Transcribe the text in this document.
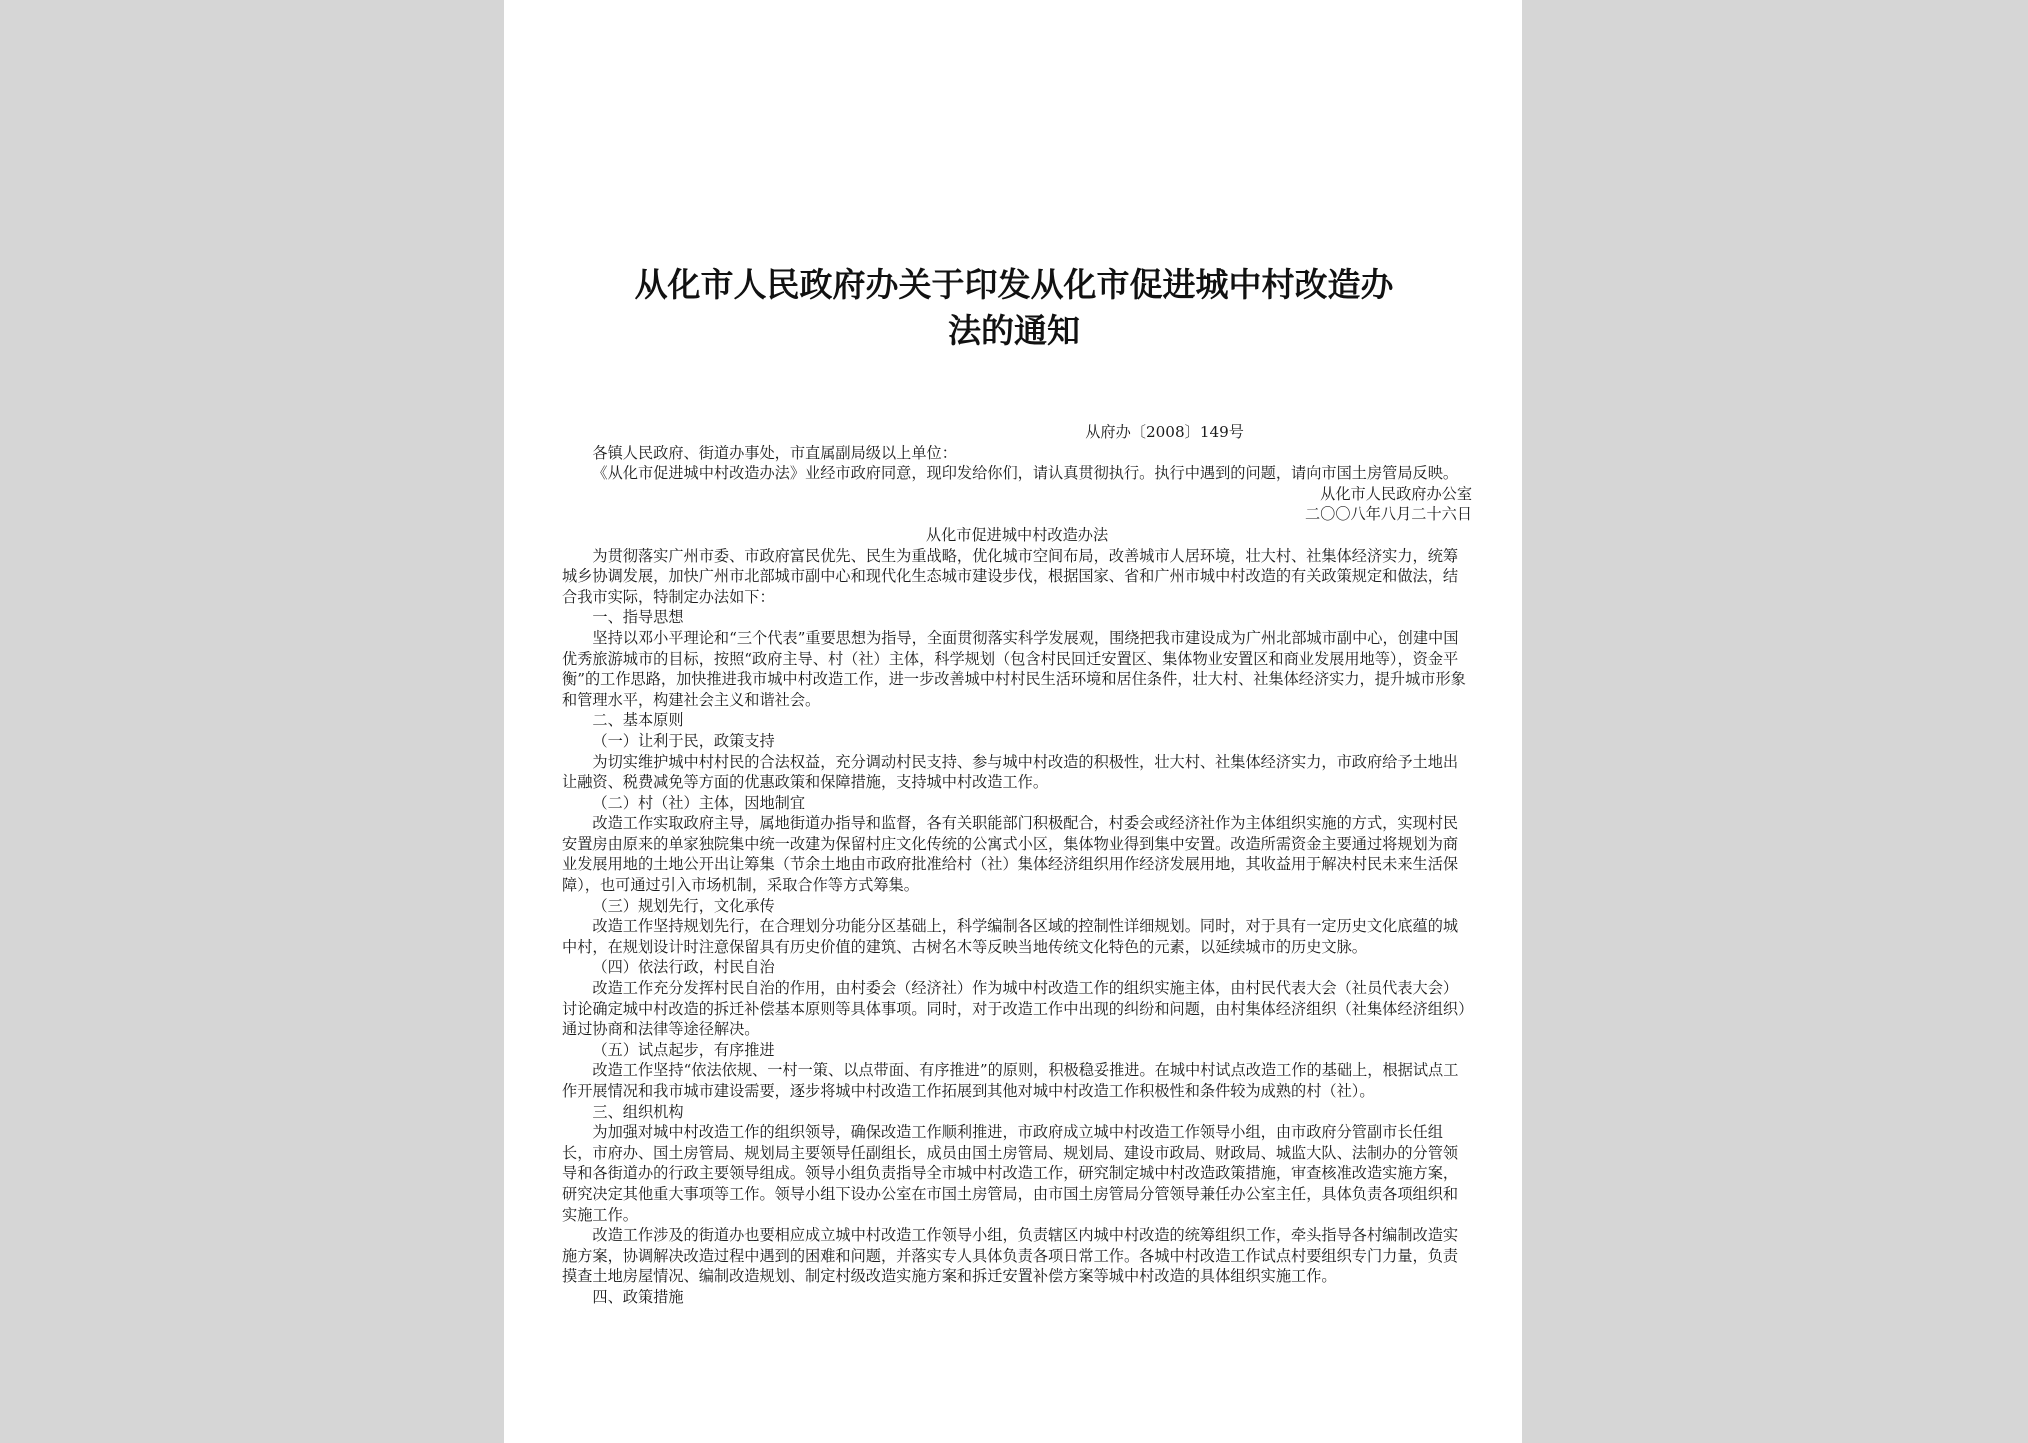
从化市人民政府办关于印发从化市促进城中村改造办
法的通知

从府办〔2008〕149号

各镇人民政府、街道办事处，市直属副局级以上单位：

《从化市促进城中村改造办法》业经市政府同意，现印发给你们，请认真贯彻执行。执行中遇到的问题，请向市国土房管局反映。

从化市人民政府办公室

二〇〇八年八月二十六日

从化市促进城中村改造办法

为贯彻落实广州市委、市政府富民优先、民生为重战略，优化城市空间布局，改善城市人居环境，壮大村、社集体经济实力，统筹城乡协调发展，加快广州市北部城市副中心和现代化生态城市建设步伐，根据国家、省和广州市城中村改造的有关政策规定和做法，结合我市实际，特制定办法如下：

一、指导思想

坚持以邓小平理论和“三个代表”重要思想为指导，全面贯彻落实科学发展观，围绕把我市建设成为广州北部城市副中心，创建中国优秀旅游城市的目标，按照“政府主导、村（社）主体，科学规划（包含村民回迁安置区、集体物业安置区和商业发展用地等），资金平衡”的工作思路，加快推进我市城中村改造工作，进一步改善城中村村民生活环境和居住条件，壮大村、社集体经济实力，提升城市形象和管理水平，构建社会主义和谐社会。

二、基本原则

（一）让利于民，政策支持

为切实维护城中村村民的合法权益，充分调动村民支持、参与城中村改造的积极性，壮大村、社集体经济实力，市政府给予土地出让融资、税费减免等方面的优惠政策和保障措施，支持城中村改造工作。

（二）村（社）主体，因地制宜

改造工作实取政府主导，属地街道办指导和监督，各有关职能部门积极配合，村委会或经济社作为主体组织实施的方式，实现村民安置房由原来的单家独院集中统一改建为保留村庄文化传统的公寓式小区，集体物业得到集中安置。改造所需资金主要通过将规划为商业发展用地的土地公开出让筹集（节余土地由市政府批准给村（社）集体经济组织用作经济发展用地，其收益用于解决村民未来生活保障），也可通过引入市场机制，采取合作等方式筹集。

（三）规划先行，文化承传

改造工作坚持规划先行，在合理划分功能分区基础上，科学编制各区域的控制性详细规划。同时，对于具有一定历史文化底蕴的城中村，在规划设计时注意保留具有历史价值的建筑、古树名木等反映当地传统文化特色的元素，以延续城市的历史文脉。

（四）依法行政，村民自治

改造工作充分发挥村民自治的作用，由村委会（经济社）作为城中村改造工作的组织实施主体，由村民代表大会（社员代表大会）讨论确定城中村改造的拆迁补偿基本原则等具体事项。同时，对于改造工作中出现的纠纷和问题，由村集体经济组织（社集体经济组织）通过协商和法律等途径解决。

（五）试点起步，有序推进

改造工作坚持“依法依规、一村一策、以点带面、有序推进”的原则，积极稳妥推进。在城中村试点改造工作的基础上，根据试点工作开展情况和我市城市建设需要，逐步将城中村改造工作拓展到其他对城中村改造工作积极性和条件较为成熟的村（社）。

三、组织机构

为加强对城中村改造工作的组织领导，确保改造工作顺利推进，市政府成立城中村改造工作领导小组，由市政府分管副市长任组长，市府办、国土房管局、规划局主要领导任副组长，成员由国土房管局、规划局、建设市政局、财政局、城监大队、法制办的分管领导和各街道办的行政主要领导组成。领导小组负责指导全市城中村改造工作，研究制定城中村改造政策措施，审查核准改造实施方案，研究决定其他重大事项等工作。领导小组下设办公室在市国土房管局，由市国土房管局分管领导兼任办公室主任，具体负责各项组织和实施工作。

改造工作涉及的街道办也要相应成立城中村改造工作领导小组，负责辖区内城中村改造的统筹组织工作，牵头指导各村编制改造实施方案，协调解决改造过程中遇到的困难和问题，并落实专人具体负责各项日常工作。各城中村改造工作试点村要组织专门力量，负责摸查土地房屋情况、编制改造规划、制定村级改造实施方案和拆迁安置补偿方案等城中村改造的具体组织实施工作。

四、政策措施
